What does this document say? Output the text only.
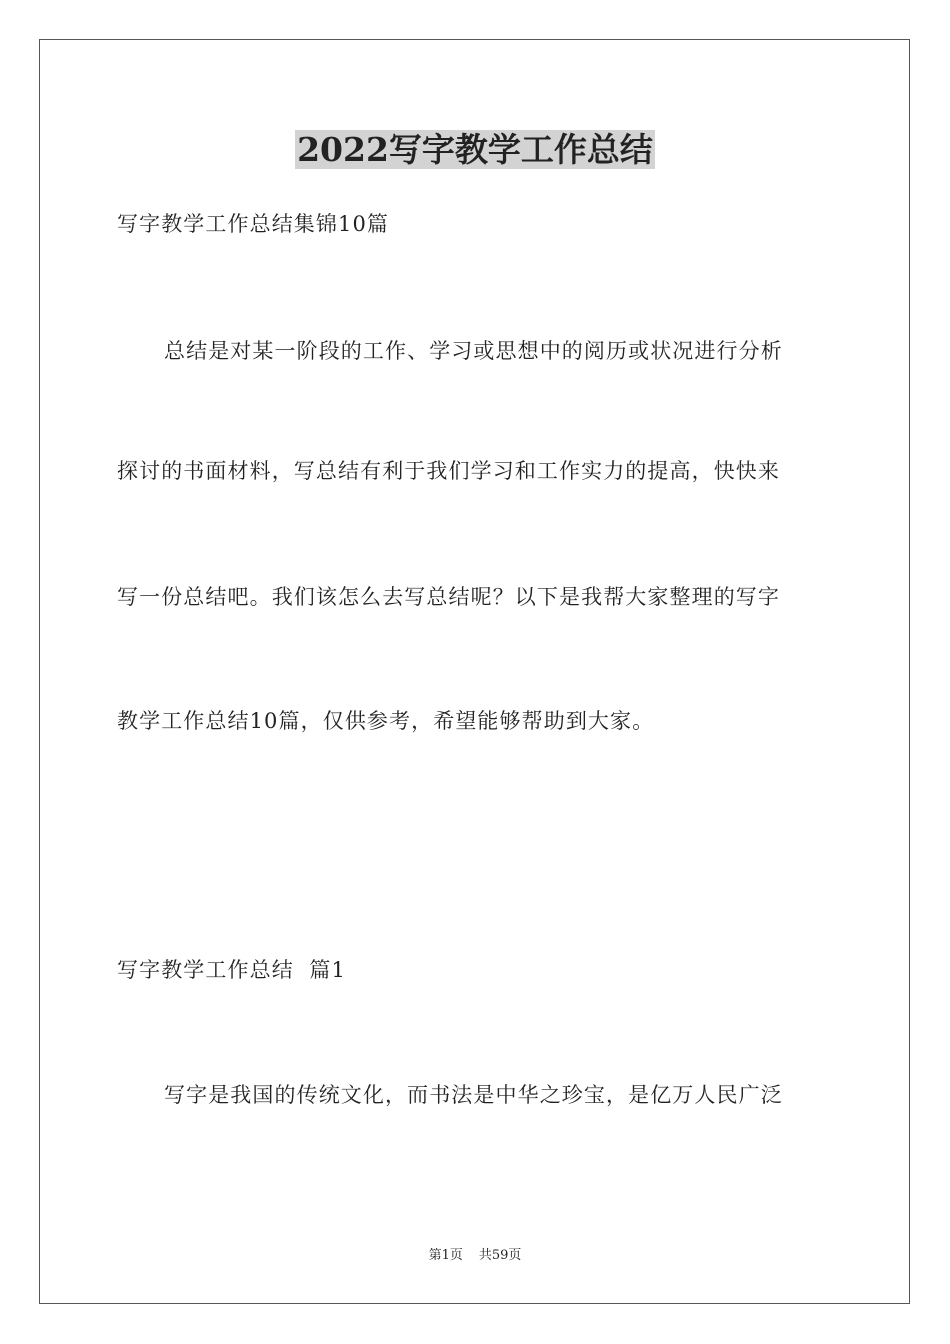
2022写字教学工作总结
写字教学工作总结集锦10篇
总结是对某一阶段的工作、学习或思想中的阅历或状况进行分析
探讨的书面材料，写总结有利于我们学习和工作实力的提高，快快来
写一份总结吧。我们该怎么去写总结呢？以下是我帮大家整理的写字
教学工作总结10篇，仅供参考，希望能够帮助到大家。
写字教学工作总结  篇1
写字是我国的传统文化，而书法是中华之珍宝，是亿万人民广泛
第1页 共59页
